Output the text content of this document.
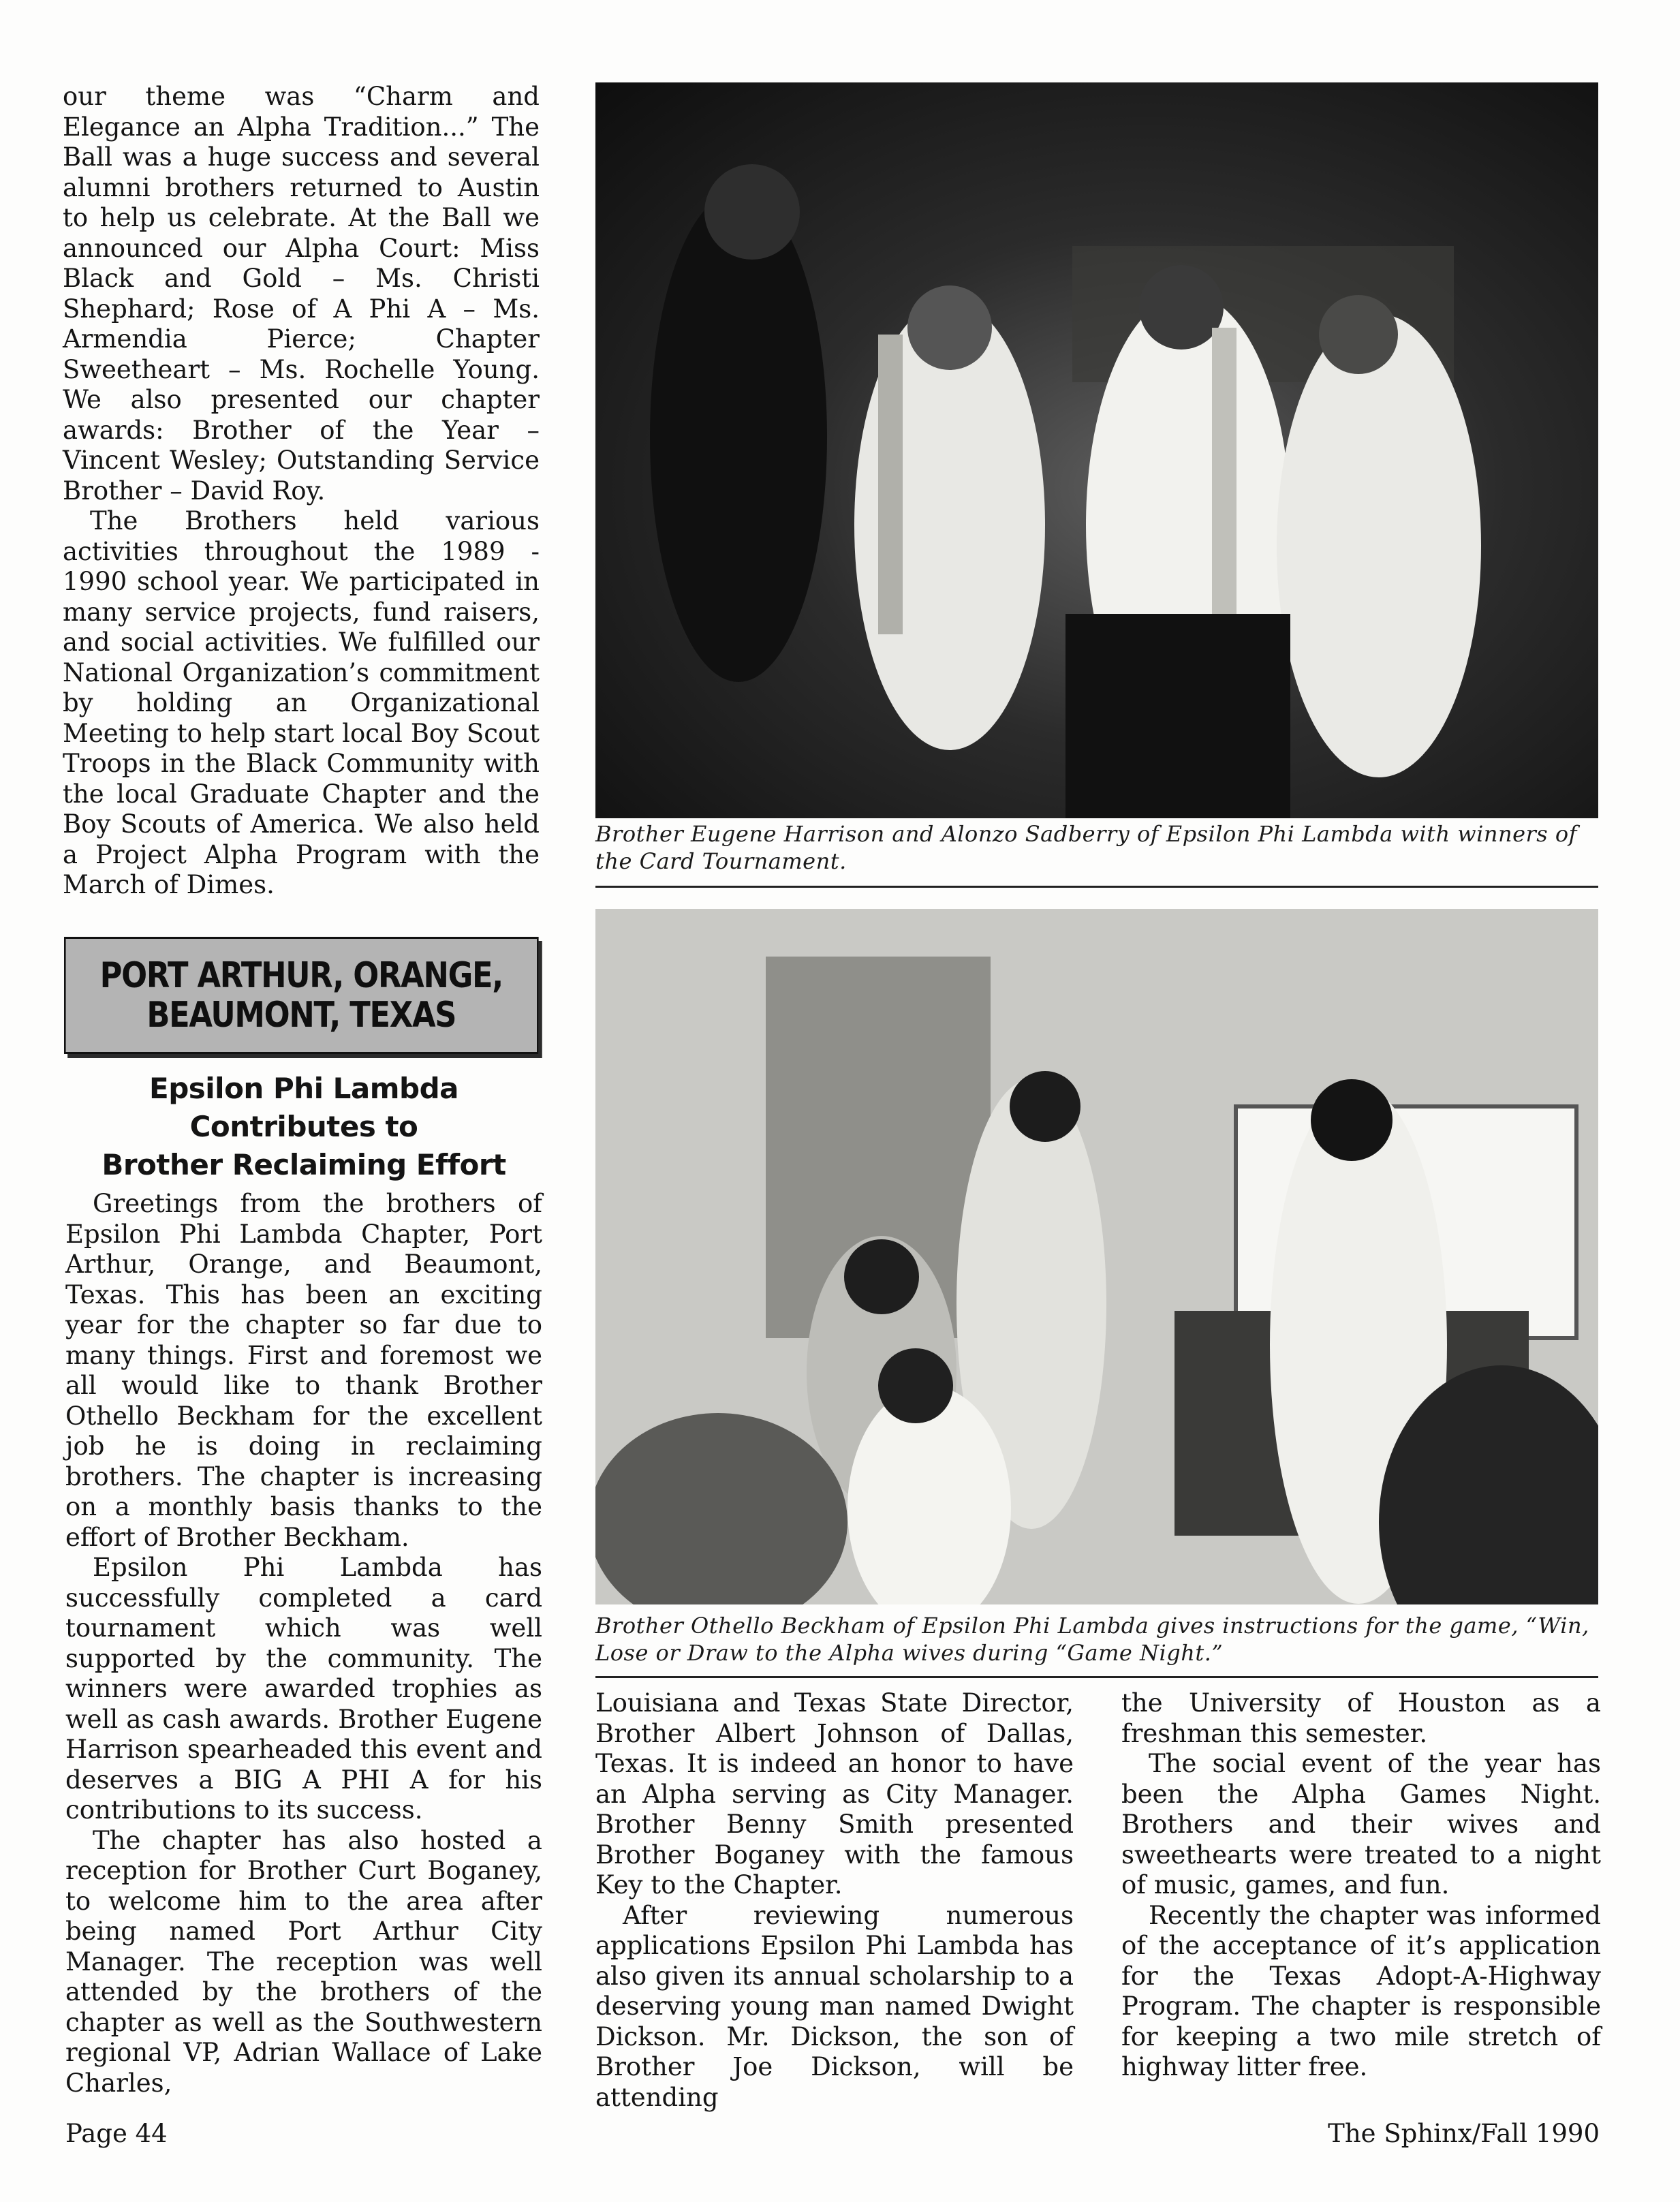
our theme was “Charm and Elegance an Alpha Tradition...” The Ball was a huge success and several alumni brothers returned to Austin to help us celebrate. At the Ball we announced our Alpha Court: Miss Black and Gold – Ms. Christi Shephard; Rose of A Phi A – Ms. Armendia Pierce; Chapter Sweetheart – Ms. Rochelle Young. We also presented our chapter awards: Brother of the Year – Vincent Wesley; Outstanding Service Brother – David Roy.

The Brothers held various activities throughout the 1989 - 1990 school year. We participated in many service projects, fund raisers, and social activities. We fulfilled our National Organization’s commitment by holding an Organizational Meeting to help start local Boy Scout Troops in the Black Community with the local Graduate Chapter and the Boy Scouts of America. We also held a Project Alpha Program with the March of Dimes.

Brother Eugene Harrison and Alonzo Sadberry of Epsilon Phi Lambda with winners of the Card Tournament.
PORT ARTHUR, ORANGE,
BEAUMONT, TEXAS
Epsilon Phi Lambda
Contributes to
Brother Reclaiming Effort

Greetings from the brothers of Epsilon Phi Lambda Chapter, Port Arthur, Orange, and Beaumont, Texas. This has been an exciting year for the chapter so far due to many things. First and foremost we all would like to thank Brother Othello Beckham for the excellent job he is doing in reclaiming brothers. The chapter is increasing on a monthly basis thanks to the effort of Brother Beckham.

Epsilon Phi Lambda has successfully completed a card tournament which was well supported by the community. The winners were awarded trophies as well as cash awards. Brother Eugene Harrison spearheaded this event and deserves a BIG A PHI A for his contributions to its success.

The chapter has also hosted a reception for Brother Curt Boganey, to welcome him to the area after being named Port Arthur City Manager. The reception was well attended by the brothers of the chapter as well as the Southwestern regional VP, Adrian Wallace of Lake Charles,

Brother Othello Beckham of Epsilon Phi Lambda gives instructions for the game, “Win, Lose or Draw to the Alpha wives during “Game Night.”

Louisiana and Texas State Director, Brother Albert Johnson of Dallas, Texas. It is indeed an honor to have an Alpha serving as City Manager. Brother Benny Smith presented Brother Boganey with the famous Key to the Chapter.

After reviewing numerous applications Epsilon Phi Lambda has also given its annual scholarship to a deserving young man named Dwight Dickson. Mr. Dickson, the son of Brother Joe Dickson, will be attending

the University of Houston as a freshman this semester.

The social event of the year has been the Alpha Games Night. Brothers and their wives and sweethearts were treated to a night of music, games, and fun.

Recently the chapter was informed of the acceptance of it’s application for the Texas Adopt-A-Highway Program. The chapter is responsible for keeping a two mile stretch of highway litter free.

Page 44	The Sphinx/Fall 1990
